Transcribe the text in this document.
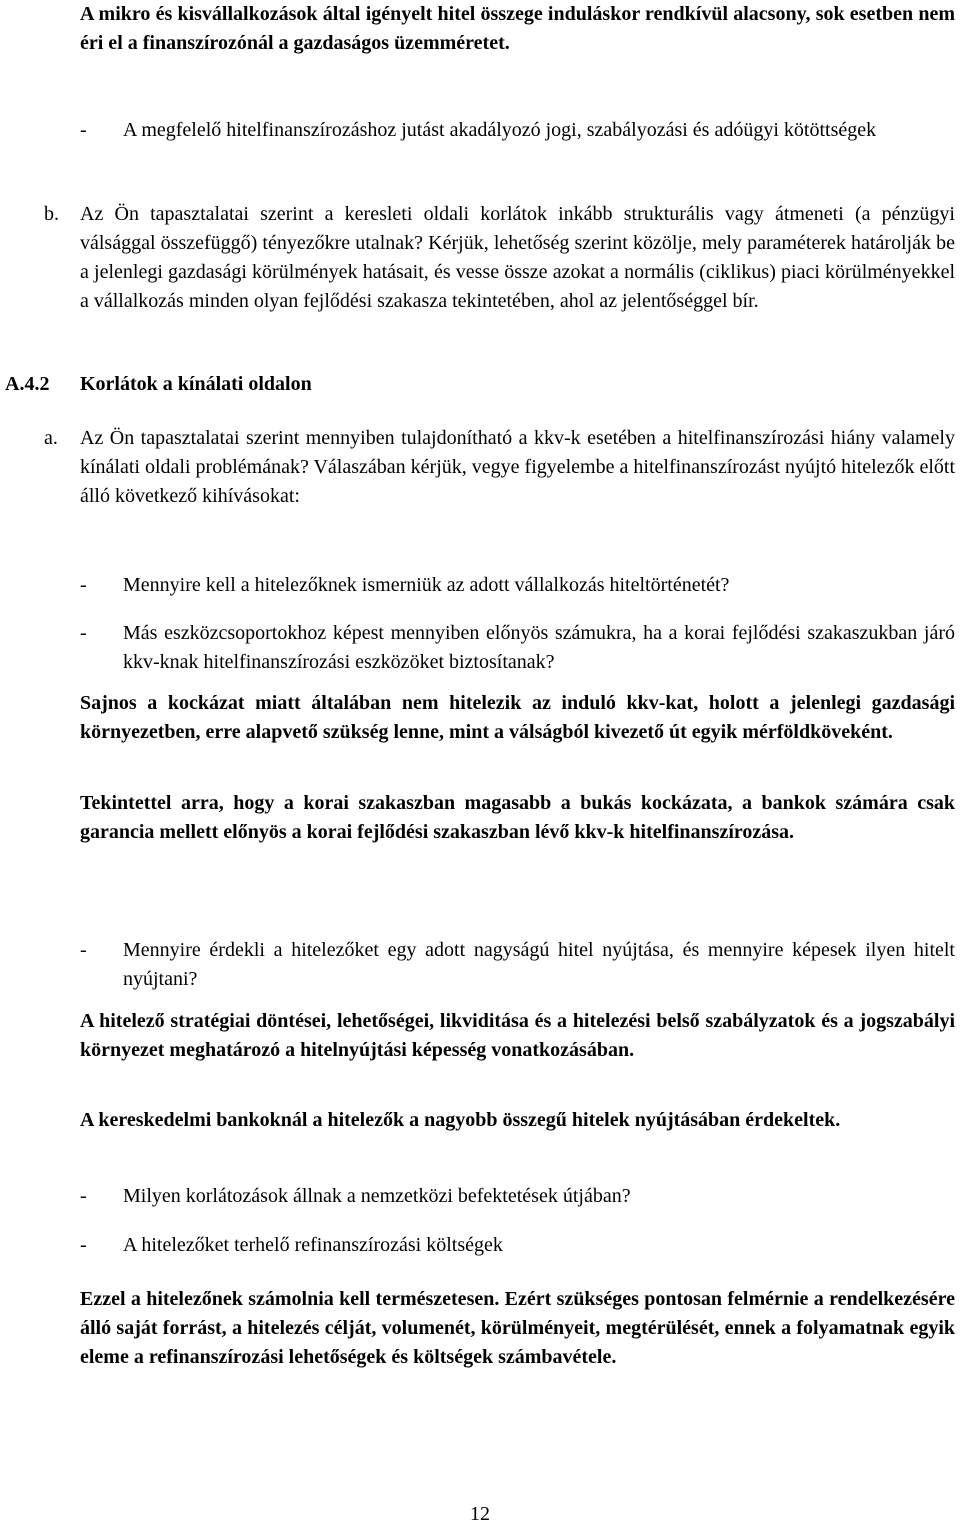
A mikro és kisvállalkozások által igényelt hitel összege induláskor rendkívül alacsony, sok esetben nem éri el a finanszírozónál a gazdaságos üzemméretet.

- A megfelelő hitelfinanszírozáshoz jutást akadályozó jogi, szabályozási és adóügyi kötöttségek

b. Az Ön tapasztalatai szerint a keresleti oldali korlátok inkább strukturális vagy átmeneti (a pénzügyi válsággal összefüggő) tényezőkre utalnak? Kérjük, lehetőség szerint közölje, mely paraméterek határolják be a jelenlegi gazdasági körülmények hatásait, és vesse össze azokat a normális (ciklikus) piaci körülményekkel a vállalkozás minden olyan fejlődési szakasza tekintetében, ahol az jelentőséggel bír.

A.4.2 Korlátok a kínálati oldalon
a. Az Ön tapasztalatai szerint mennyiben tulajdonítható a kkv-k esetében a hitelfinanszírozási hiány valamely kínálati oldali problémának? Válaszában kérjük, vegye figyelembe a hitelfinanszírozást nyújtó hitelezők előtt álló következő kihívásokat:

- Mennyire kell a hitelezőknek ismerniük az adott vállalkozás hiteltörténetét?

- Más eszközcsoportokhoz képest mennyiben előnyös számukra, ha a korai fejlődési szakaszukban járó kkv-knak hitelfinanszírozási eszközöket biztosítanak?

Sajnos a kockázat miatt általában nem hitelezik az induló kkv-kat, holott a jelenlegi gazdasági környezetben, erre alapvető szükség lenne, mint a válságból kivezető út egyik mérföldköveként.

Tekintettel arra, hogy a korai szakaszban magasabb a bukás kockázata, a bankok számára csak garancia mellett előnyös a korai fejlődési szakaszban lévő kkv-k hitelfinanszírozása.

- Mennyire érdekli a hitelezőket egy adott nagyságú hitel nyújtása, és mennyire képesek ilyen hitelt nyújtani?

A hitelező stratégiai döntései, lehetőségei, likviditása és a hitelezési belső szabályzatok és a jogszabályi környezet meghatározó a hitelnyújtási képesség vonatkozásában.

A kereskedelmi bankoknál a hitelezők a nagyobb összegű hitelek nyújtásában érdekeltek.

- Milyen korlátozások állnak a nemzetközi befektetések útjában?

- A hitelezőket terhelő refinanszírozási költségek

Ezzel a hitelezőnek számolnia kell természetesen. Ezért szükséges pontosan felmérnie a rendelkezésére álló saját forrást, a hitelezés célját, volumenét, körülményeit, megtérülését, ennek a folyamatnak egyik eleme a refinanszírozási lehetőségek és költségek számbavétele.

12
